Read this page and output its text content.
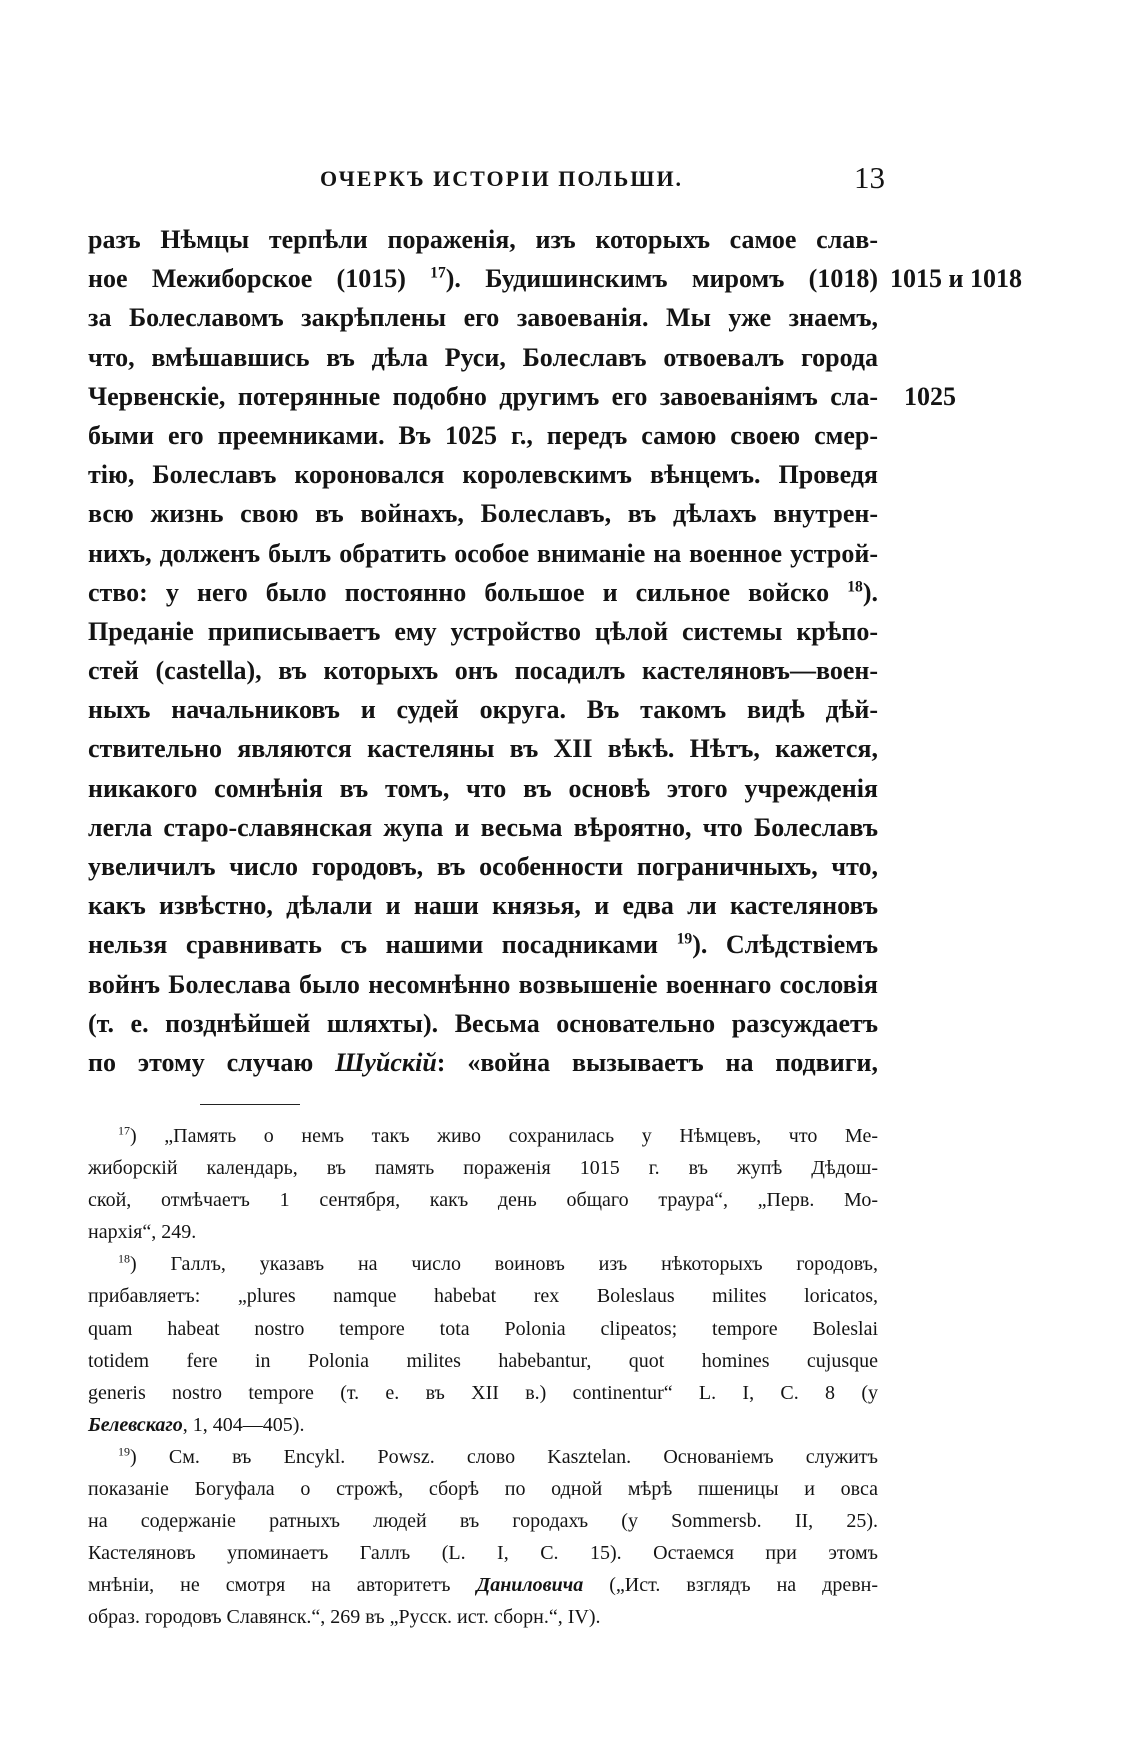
ОЧЕРКЪ ИСТОРІИ ПОЛЬШИ.	13
1015 и 1018
1025
разъ Нѣмцы терпѣли пораженія, изъ которыхъ самое слав-
ное Межиборское (1015) $^{17}$). Будишинскимъ миромъ (1018)
за Болеславомъ закрѣплены его завоеванія. Мы уже знаемъ,
что, вмѣшавшись въ дѣла Руси, Болеславъ отвоевалъ города
Червенскіе, потерянные подобно другимъ его завоеваніямъ сла-
быми его преемниками. Въ 1025 г., передъ самою своею смер-
тію, Болеславъ короновался королевскимъ вѣнцемъ. Проведя
всю жизнь свою въ войнахъ, Болеславъ, въ дѣлахъ внутрен-
нихъ, долженъ былъ обратить особое вниманіе на военное устрой-
ство: у него было постоянно большое и сильное войско $^{18}$).
Преданіе приписываетъ ему устройство цѣлой системы крѣпо-
стей (castella), въ которыхъ онъ посадилъ кастеляновъ—воен-
ныхъ начальниковъ и судей округа. Въ такомъ видѣ дѣй-
ствительно являются кастеляны въ XII вѣкѣ. Нѣтъ, кажется,
никакого сомнѣнія въ томъ, что въ основѣ этого учрежденія
легла старо-славянская жупа и весьма вѣроятно, что Болеславъ
увеличилъ число городовъ, въ особенности пограничныхъ, что,
какъ извѣстно, дѣлали и наши князья, и едва ли кастеляновъ
нельзя сравнивать съ нашими посадниками $^{19}$). Слѣдствіемъ
войнъ Болеслава было несомнѣнно возвышеніе военнаго сословія
(т. е. позднѣйшей шляхты). Весьма основательно разсуждаетъ
по этому случаю Шуйскій: «война вызываетъ на подвиги,
$^{17}$) „Память о немъ такъ живо сохранилась у Нѣмцевъ, что Ме-
жиборскій календарь, въ память пораженія 1015 г. въ жупѣ Дѣдош-
ской, отмѣчаетъ 1 сентября, какъ день общаго траура“, „Перв. Мо-
нархія“, 249.
$^{18}$) Галлъ, указавъ на число воиновъ изъ нѣкоторыхъ городовъ,
прибавляетъ: „plures namque habebat rex Boleslaus milites loricatos,
quam habeat nostro tempore tota Polonia clipeatos; tempore Boleslai
totidem fere in Polonia milites habebantur, quot homines cujusque
generis nostro tempore (т. е. въ XII в.) continentur“ L. I, C. 8 (у
Белевскаго, 1, 404—405).
$^{19}$) См. въ Encykl. Powsz. слово Kasztelan. Основаніемъ служитъ
показаніе Богуфала о строжѣ, сборѣ по одной мѣрѣ пшеницы и овса
на содержаніе ратныхъ людей въ городахъ (у Sommersb. II, 25).
Кастеляновъ упоминаетъ Галлъ (L. I, C. 15). Остаемся при этомъ
мнѣніи, не смотря на авторитетъ Даниловича („Ист. взглядъ на древн-
образ. городовъ Славянск.“, 269 въ „Русск. ист. сборн.“, IV).
